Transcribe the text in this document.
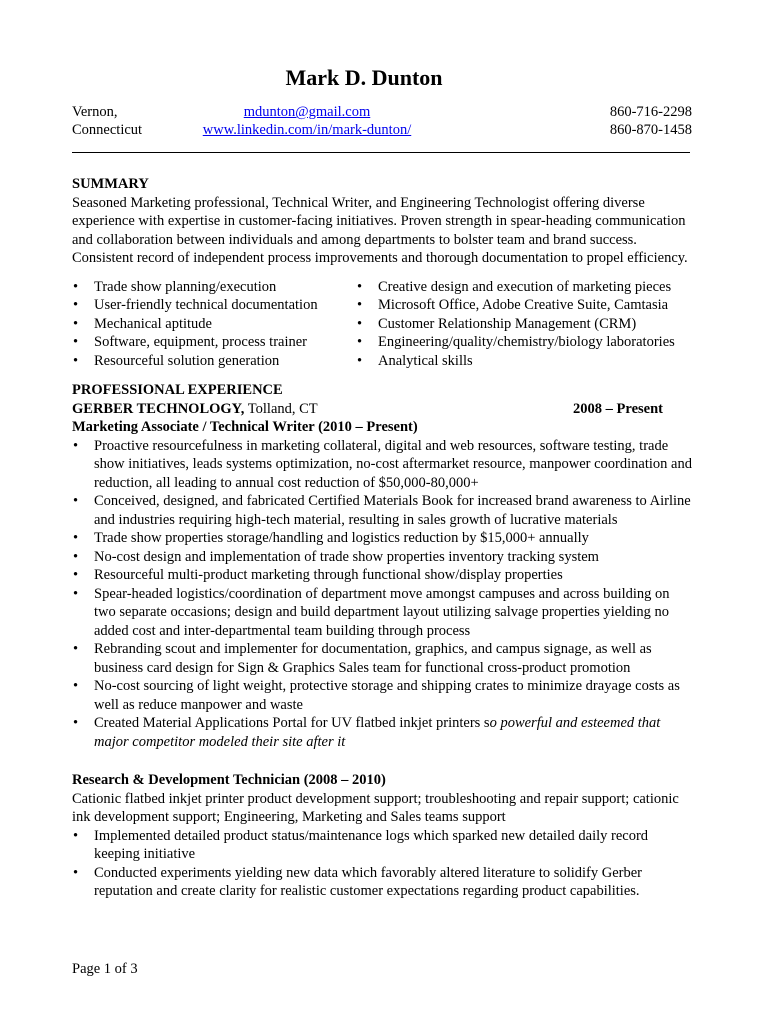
Mark D. Dunton
Vernon,
Connecticut
mdunton@gmail.com
www.linkedin.com/in/mark-dunton/
860-716-2298
860-870-1458
SUMMARY

Seasoned Marketing professional, Technical Writer, and Engineering Technologist offering diverse experience with expertise in customer-facing initiatives. Proven strength in spear-heading communication and collaboration between individuals and among departments to bolster team and brand success. Consistent record of independent process improvements and thorough documentation to propel efficiency.

• Trade show planning/execution
• User-friendly technical documentation
• Mechanical aptitude
• Software, equipment, process trainer
• Resourceful solution generation
• Creative design and execution of marketing pieces
• Microsoft Office, Adobe Creative Suite, Camtasia
• Customer Relationship Management (CRM)
• Engineering/quality/chemistry/biology laboratories
• Analytical skills
PROFESSIONAL EXPERIENCE
GERBER TECHNOLOGY, Tolland, CT	2008 – Present
Marketing Associate / Technical Writer (2010 – Present)
• Proactive resourcefulness in marketing collateral, digital and web resources, software testing, trade show initiatives, leads systems optimization, no-cost aftermarket resource, manpower coordination and reduction, all leading to annual cost reduction of $50,000-80,000+
• Conceived, designed, and fabricated Certified Materials Book for increased brand awareness to Airline and industries requiring high-tech material, resulting in sales growth of lucrative materials
• Trade show properties storage/handling and logistics reduction by $15,000+ annually
• No-cost design and implementation of trade show properties inventory tracking system
• Resourceful multi-product marketing through functional show/display properties
• Spear-headed logistics/coordination of department move amongst campuses and across building on two separate occasions; design and build department layout utilizing salvage properties yielding no added cost and inter-departmental team building through process
• Rebranding scout and implementer for documentation, graphics, and campus signage, as well as business card design for Sign & Graphics Sales team for functional cross-product promotion
• No-cost sourcing of light weight, protective storage and shipping crates to minimize drayage costs as well as reduce manpower and waste
• Created Material Applications Portal for UV flatbed inkjet printers so powerful and esteemed that major competitor modeled their site after it
Research & Development Technician (2008 – 2010)

Cationic flatbed inkjet printer product development support; troubleshooting and repair support; cationic ink development support; Engineering, Marketing and Sales teams support

• Implemented detailed product status/maintenance logs which sparked new detailed daily record keeping initiative
• Conducted experiments yielding new data which favorably altered literature to solidify Gerber reputation and create clarity for realistic customer expectations regarding product capabilities.
Page 1 of 3
